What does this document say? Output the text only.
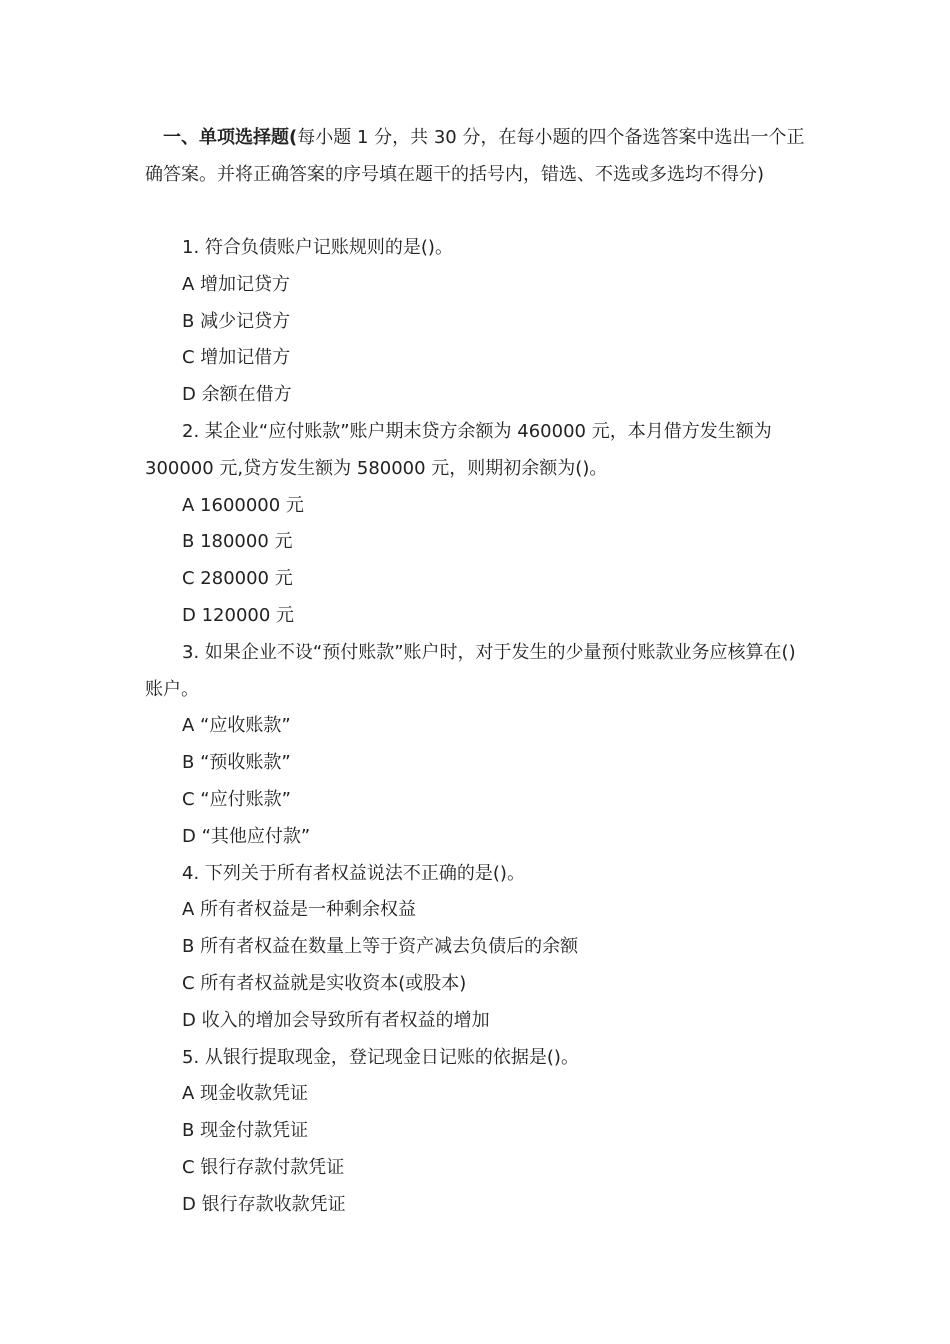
一、单项选择题(每小题 1 分，共 30 分，在每小题的四个备选答案中选出一个正确答案。并将正确答案的序号填在题干的括号内，错选、不选或多选均不得分)

1. 符合负债账户记账规则的是()。

A 增加记贷方

B 减少记贷方

C 增加记借方

D 余额在借方

2. 某企业“应付账款”账户期末贷方余额为 460000 元，本月借方发生额为 300000 元,贷方发生额为 580000 元，则期初余额为()。

A 1600000 元

B 180000 元

C 280000 元

D 120000 元

3. 如果企业不设“预付账款”账户时，对于发生的少量预付账款业务应核算在()账户。

A “应收账款”

B “预收账款”

C “应付账款”

D “其他应付款”

4. 下列关于所有者权益说法不正确的是()。

A 所有者权益是一种剩余权益

B 所有者权益在数量上等于资产减去负债后的余额

C 所有者权益就是实收资本(或股本)

D 收入的增加会导致所有者权益的增加

5. 从银行提取现金，登记现金日记账的依据是()。

A 现金收款凭证

B 现金付款凭证

C 银行存款付款凭证

D 银行存款收款凭证
